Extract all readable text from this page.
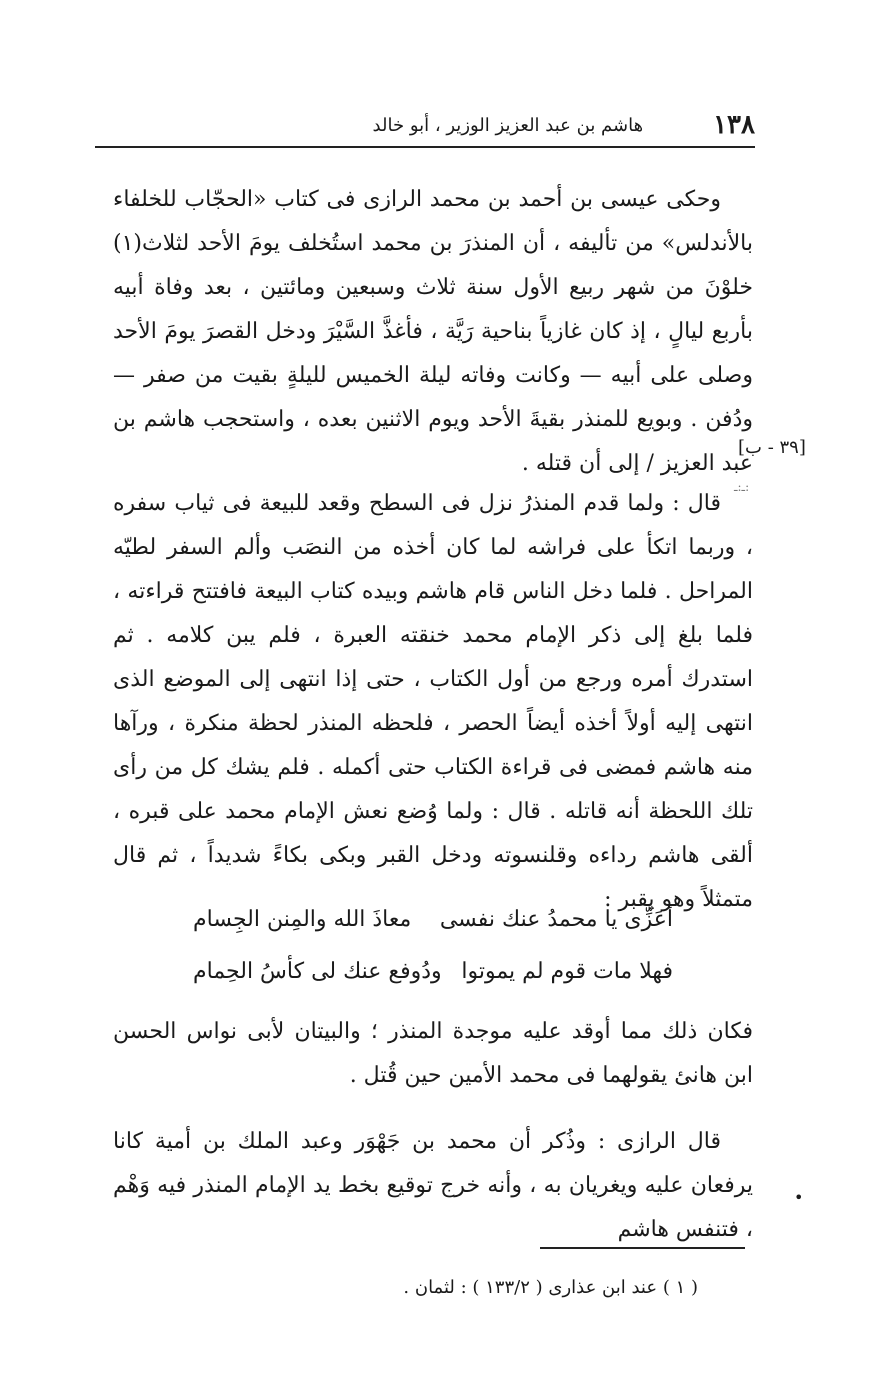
١٣٨
هاشم بن عبد العزيز الوزير ، أبو خالد
[٣٩ - ب]
ـ:ـ:

وحكى عيسى بن أحمد بن محمد الرازى فى كتاب «الحجّاب للخلفاء بالأندلس» من تأليفه ، أن المنذرَ بن محمد استُخلف يومَ الأحد لثلاث(١) خلوْنَ من شهر ربيع الأول سنة ثلاث وسبعين ومائتين ، بعد وفاة أبيه بأربع ليالٍ ، إذ كان غازياً بناحية رَيَّة ، فأغذَّ السَّيْرَ ودخل القصرَ يومَ الأحد وصلى على أبيه — وكانت وفاته ليلة الخميس لليلةٍ بقيت من صفر — ودُفن . وبويع للمنذر بقيةَ الأحد ويوم الاثنين بعده ، واستحجب هاشم بن عبد العزيز / إلى أن قتله .

قال : ولما قدم المنذرُ نزل فى السطح وقعد للبيعة فى ثياب سفره ، وربما اتكأ على فراشه لما كان أخذه من النصَب وألم السفر لطيّه المراحل . فلما دخل الناس قام هاشم وبيده كتاب البيعة فافتتح قراءته ، فلما بلغ إلى ذكر الإمام محمد خنقته العبرة ، فلم يبن كلامه . ثم استدرك أمره ورجع من أول الكتاب ، حتى إذا انتهى إلى الموضع الذى انتهى إليه أولاً أخذه أيضاً الحصر ، فلحظه المنذر لحظة منكرة ، ورآها منه هاشم فمضى فى قراءة الكتاب حتى أكمله . فلم يشك كل من رأى تلك اللحظة أنه قاتله . قال : ولما وُضع نعش الإمام محمد على قبره ، ألقى هاشم رداءه وقلنسوته ودخل القبر وبكى بكاءً شديداً ، ثم قال متمثلاً وهو يقبر :

أعَزِّى يا محمدُ عنك نفسى
معاذَ الله والمِنن الجِسام
فهلا مات قوم لم يموتوا
ودُوفع عنك لى كأسُ الحِمام

فكان ذلك مما أوقد عليه موجدة المنذر ؛ والبيتان لأبى نواس الحسن ابن هانئ يقولهما فى محمد الأمين حين قُتل .

قال الرازى : وذُكر أن محمد بن جَهْوَر وعبد الملك بن أمية كانا يرفعان عليه ويغريان به ، وأنه خرج توقيع بخط يد الإمام المنذر فيه وَهْم ، فتنفس هاشم

•
( ١ ) عند ابن عذارى ( ١٣٣/٢ ) : لثمان .
